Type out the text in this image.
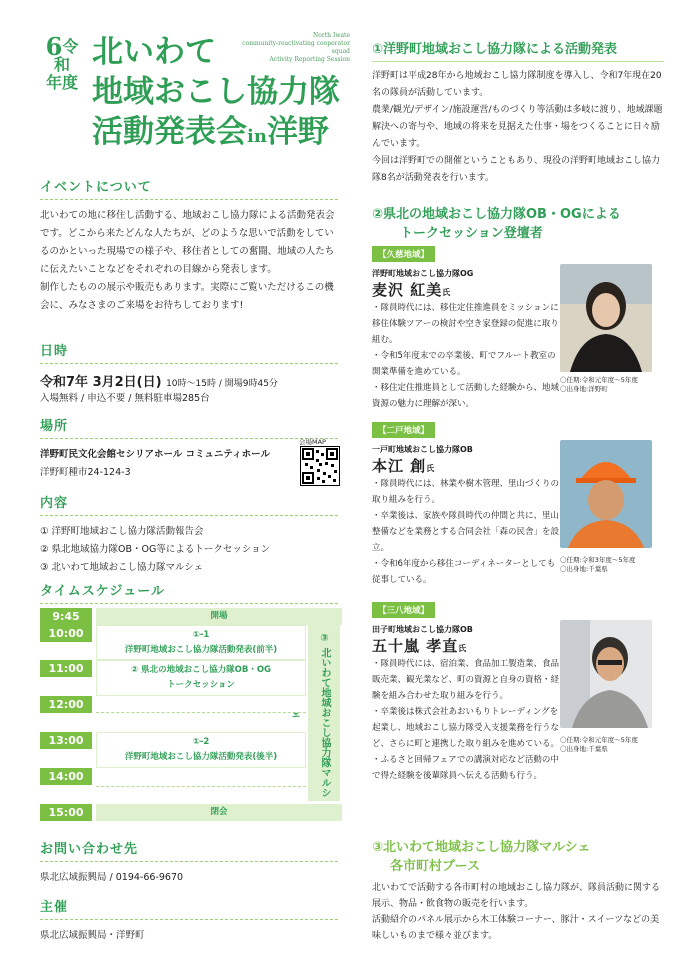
6令和
年度
North Iwate
community-reactivating cooperator squad
Activity Reporting Session
北いわて
地域おこし協力隊
活動発表会in洋野
イベントについて
北いわての地に移住し活動する、地域おこし協力隊による活動発表会です。どこから来たどんな人たちが、どのような思いで活動をしているのかといった現場での様子や、移住者としての奮闘、地域の人たちに伝えたいことなどをそれぞれの目線から発表します。
制作したものの展示や販売もあります。実際にご覧いただけるこの機会に、みなさまのご来場をお待ちしております!
日時
令和7年 3月2日(日) 10時〜15時 / 開場9時45分
入場無料 / 申込不要 / 無料駐車場285台
場所
洋野町民文化会館セシリアホール コミュニティホール
洋野町種市24-124-3
会場MAP
内容
① 洋野町地域おこし協力隊活動報告会
② 県北地域協力隊OB・OG等によるトークセッション
③ 北いわて地域おこし協力隊マルシェ
タイムスケジュール
9:45
10:00
11:00
12:00
13:00
14:00
15:00
開場
①-1
洋野町地域おこし協力隊活動発表(前半)
② 県北の地域おこし協力隊OB・OG
トークセッション
①-2
洋野町地域おこし協力隊活動発表(後半)	③ 北いわて地域おこし協力隊マルシェ
閉会
お問い合わせ先
県北広域振興局 / 0194-66-9670
主催
県北広域振興局・洋野町
①洋野町地域おこし協力隊による活動発表
洋野町は平成28年から地域おこし協力隊制度を導入し、令和7年現在20名の隊員が活動しています。
農業/観光/デザイン/施設運営/ものづくり等活動は多岐に渡り、地域課題解決への寄与や、地域の将来を見据えた仕事・場をつくることに日々励んでいます。
今回は洋野町での開催ということもあり、現役の洋野町地域おこし協力隊8名が活動発表を行います。
②県北の地域おこし協力隊OB・OGによる
トークセッション登壇者
【久慈地域】
洋野町地域おこし協力隊OG
麦沢 紅美氏
・隊員時代には、移住定住推進員をミッションに移住体験ツアーの検討や空き家登録の促進に取り組む。
・令和5年度末での卒業後、町でフルート教室の開業準備を進めている。
・移住定住推進員として活動した経験から、地域資源の魅力に理解が深い。
〇任期:令和元年度〜5年度
〇出身地:洋野町
【二戸地域】
一戸町地域おこし協力隊OB
本江 創氏
・隊員時代には、林業や樹木管理、里山づくりの取り組みを行う。
・卒業後は、家族や隊員時代の仲間と共に、里山整備などを業務とする合同会社「森の民舎」を設立。
・令和6年度から移住コーディネーターとしても従事している。
〇任期:令和3年度〜5年度
〇出身地:千葉県
【三八地域】
田子町地域おこし協力隊OB
五十嵐 孝直氏
・隊員時代には、宿泊業、食品加工製造業、食品販売業、観光業など、町の資源と自身の資格・経験を組み合わせた取り組みを行う。
・卒業後は株式会社あおいもりトレーディングを起業し、地域おこし協力隊受入支援業務を行うなど、さらに町と連携した取り組みを進めている。
・ふるさと回帰フェアでの講演対応など活動の中で得た経験を後輩隊員へ伝える活動も行う。
〇任期:令和元年度〜5年度
〇出身地:千葉県
③北いわて地域おこし協力隊マルシェ
各市町村ブース
北いわてで活動する各市町村の地域おこし協力隊が、隊員活動に関する展示、物品・飲食物の販売を行います。
活動紹介のパネル展示から木工体験コーナー、豚汁・スイーツなどの美味しいものまで様々並びます。
